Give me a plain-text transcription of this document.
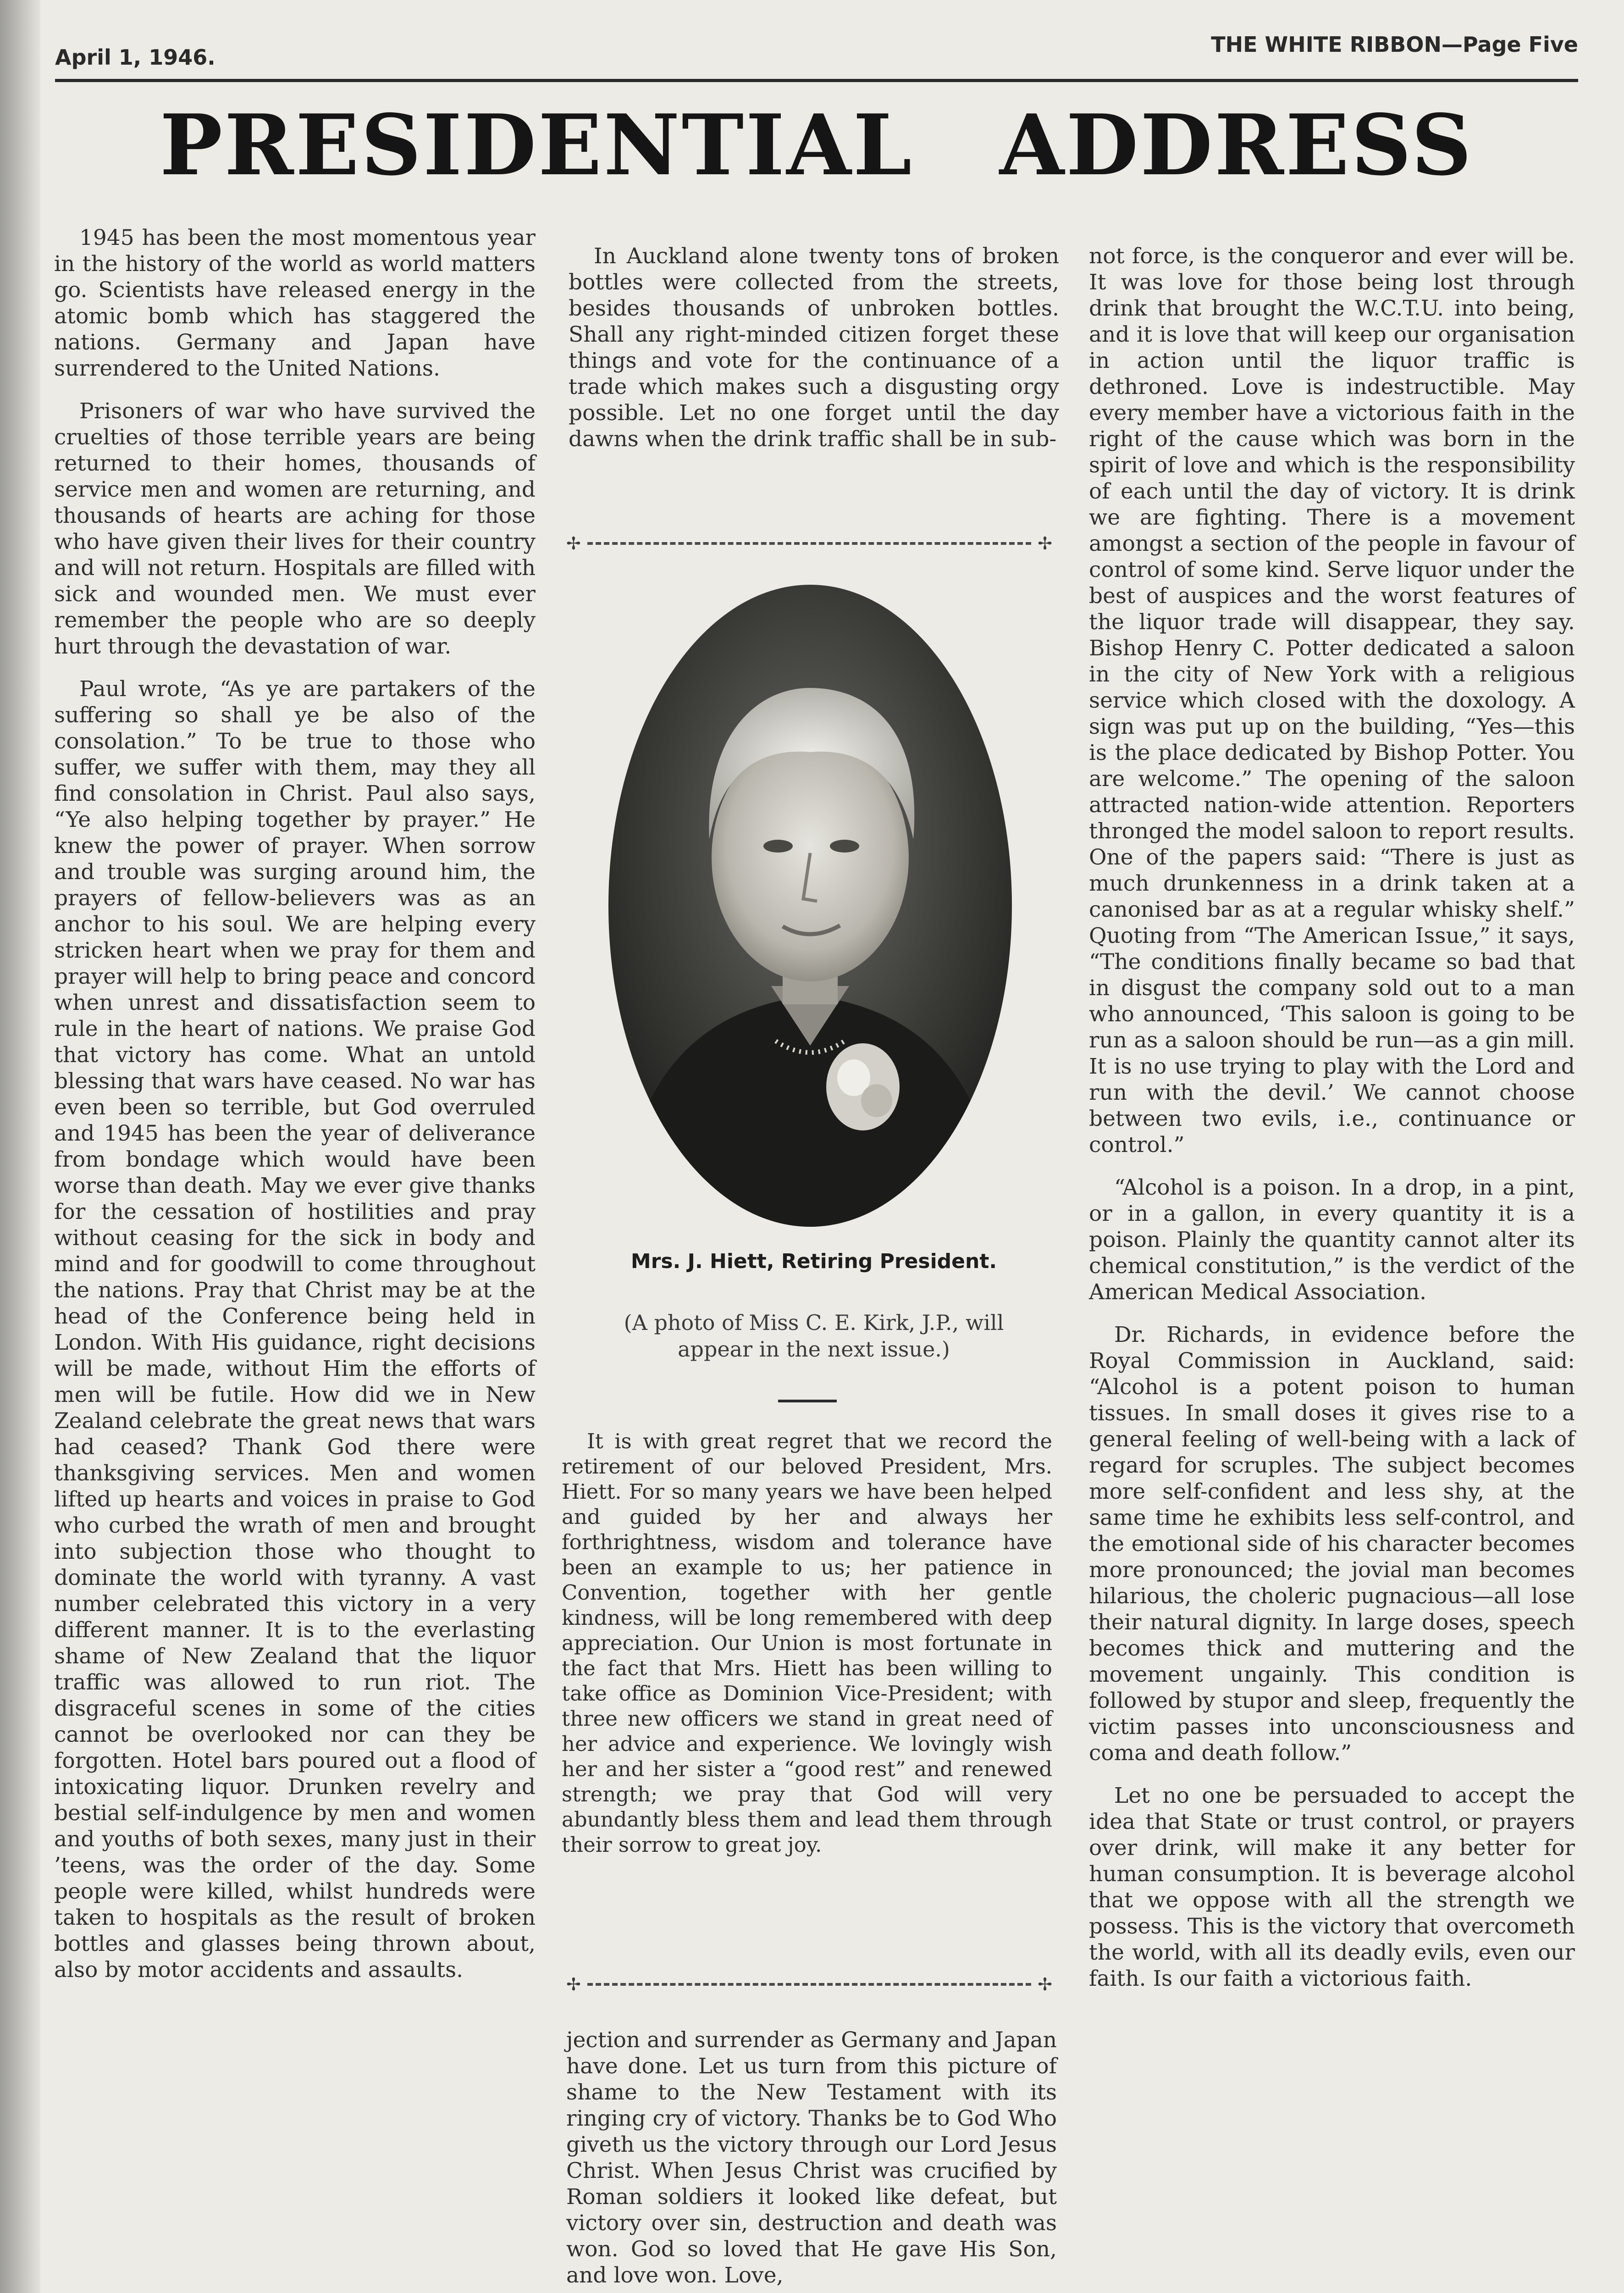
April 1, 1946.
THE WHITE RIBBON—Page Five
PRESIDENTIAL ADDRESS

1945 has been the most momentous year in the history of the world as world matters go. Scientists have released energy in the atomic bomb which has staggered the nations. Germany and Japan have surrendered to the United Nations.

Prisoners of war who have survived the cruelties of those terrible years are being returned to their homes, thousands of service men and women are returning, and thousands of hearts are aching for those who have given their lives for their country and will not return. Hospitals are filled with sick and wounded men. We must ever remember the people who are so deeply hurt through the devastation of war.

Paul wrote, “As ye are partakers of the suffering so shall ye be also of the consolation.” To be true to those who suffer, we suffer with them, may they all find consolation in Christ. Paul also says, “Ye also helping together by prayer.” He knew the power of prayer. When sorrow and trouble was surging around him, the prayers of fellow-believers was as an anchor to his soul. We are helping every stricken heart when we pray for them and prayer will help to bring peace and concord when unrest and dissatisfaction seem to rule in the heart of nations. We praise God that victory has come. What an untold blessing that wars have ceased. No war has even been so terrible, but God overruled and 1945 has been the year of deliverance from bondage which would have been worse than death. May we ever give thanks for the cessation of hostilities and pray without ceasing for the sick in body and mind and for goodwill to come throughout the nations. Pray that Christ may be at the head of the Conference being held in London. With His guidance, right decisions will be made, without Him the efforts of men will be futile. How did we in New Zealand celebrate the great news that wars had ceased? Thank God there were thanksgiving services. Men and women lifted up hearts and voices in praise to God who curbed the wrath of men and brought into subjection those who thought to dominate the world with tyranny. A vast number celebrated this victory in a very different manner. It is to the everlasting shame of New Zealand that the liquor traffic was allowed to run riot. The disgraceful scenes in some of the cities cannot be overlooked nor can they be forgotten. Hotel bars poured out a flood of intoxicating liquor. Drunken revelry and bestial self-indulgence by men and women and youths of both sexes, many just in their ’teens, was the order of the day. Some people were killed, whilst hundreds were taken to hospitals as the result of broken bottles and glasses being thrown about, also by motor accidents and assaults.

In Auckland alone twenty tons of broken bottles were collected from the streets, besides thousands of unbroken bottles. Shall any right-minded citizen forget these things and vote for the continuance of a trade which makes such a disgusting orgy possible. Let no one forget until the day dawns when the drink traffic shall be in sub-

✢	✢
Mrs. J. Hiett, Retiring President.
(A photo of Miss C. E. Kirk, J.P., will appear in the next issue.)

It is with great regret that we record the retirement of our beloved President, Mrs. Hiett. For so many years we have been helped and guided by her and always her forthrightness, wisdom and tolerance have been an example to us; her patience in Convention, together with her gentle kindness, will be long remembered with deep appreciation. Our Union is most fortunate in the fact that Mrs. Hiett has been willing to take office as Dominion Vice-President; with three new officers we stand in great need of her advice and experience. We lovingly wish her and her sister a “good rest” and renewed strength; we pray that God will very abundantly bless them and lead them through their sorrow to great joy.

✢	✢

jection and surrender as Germany and Japan have done. Let us turn from this picture of shame to the New Testament with its ringing cry of victory. Thanks be to God Who giveth us the victory through our Lord Jesus Christ. When Jesus Christ was crucified by Roman soldiers it looked like defeat, but victory over sin, destruction and death was won. God so loved that He gave His Son, and love won. Love,

not force, is the conqueror and ever will be. It was love for those being lost through drink that brought the W.C.T.U. into being, and it is love that will keep our organisation in action until the liquor traffic is dethroned. Love is indestructible. May every member have a victorious faith in the right of the cause which was born in the spirit of love and which is the responsibility of each until the day of victory. It is drink we are fighting. There is a movement amongst a section of the people in favour of control of some kind. Serve liquor under the best of auspices and the worst features of the liquor trade will disappear, they say. Bishop Henry C. Potter dedicated a saloon in the city of New York with a religious service which closed with the doxology. A sign was put up on the building, “Yes—this is the place dedicated by Bishop Potter. You are welcome.” The opening of the saloon attracted nation-wide attention. Reporters thronged the model saloon to report results. One of the papers said: “There is just as much drunkenness in a drink taken at a canonised bar as at a regular whisky shelf.” Quoting from “The American Issue,” it says, “The conditions finally became so bad that in disgust the company sold out to a man who announced, ‘This saloon is going to be run as a saloon should be run—as a gin mill. It is no use trying to play with the Lord and run with the devil.’ We cannot choose between two evils, i.e., continuance or control.”

“Alcohol is a poison. In a drop, in a pint, or in a gallon, in every quantity it is a poison. Plainly the quantity cannot alter its chemical constitution,” is the verdict of the American Medical Association.

Dr. Richards, in evidence before the Royal Commission in Auckland, said: “Alcohol is a potent poison to human tissues. In small doses it gives rise to a general feeling of well-being with a lack of regard for scruples. The subject becomes more self-confident and less shy, at the same time he exhibits less self-control, and the emotional side of his character becomes more pronounced; the jovial man becomes hilarious, the choleric pugnacious—all lose their natural dignity. In large doses, speech becomes thick and muttering and the movement ungainly. This condition is followed by stupor and sleep, frequently the victim passes into unconsciousness and coma and death follow.”

Let no one be persuaded to accept the idea that State or trust control, or prayers over drink, will make it any better for human consumption. It is beverage alcohol that we oppose with all the strength we possess. This is the victory that overcometh the world, with all its deadly evils, even our faith. Is our faith a victorious faith.
